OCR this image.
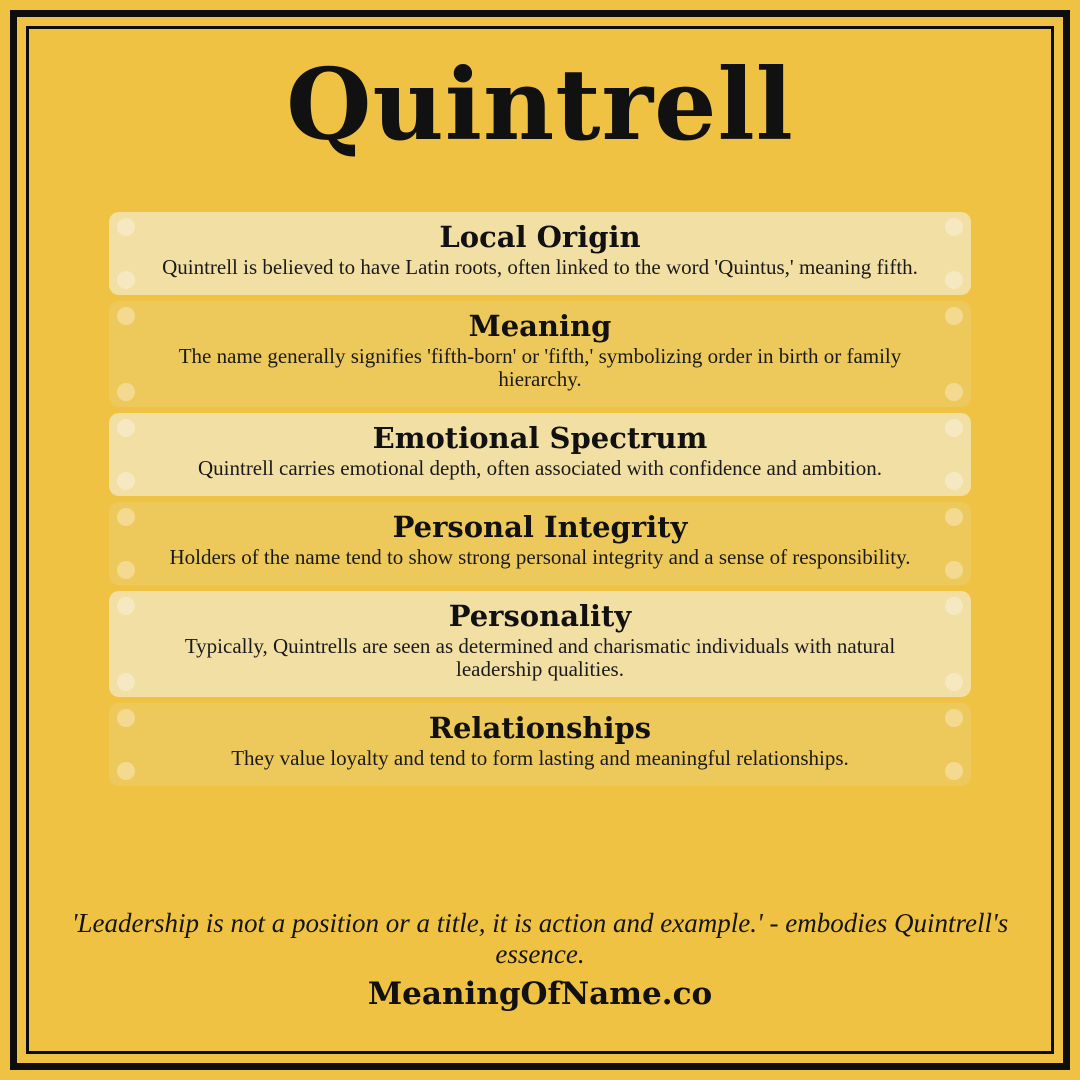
Quintrell
Local Origin
Quintrell is believed to have Latin roots, often linked to the word 'Quintus,' meaning fifth.
Meaning
The name generally signifies 'fifth-born' or 'fifth,' symbolizing order in birth or family hierarchy.
Emotional Spectrum
Quintrell carries emotional depth, often associated with confidence and ambition.
Personal Integrity
Holders of the name tend to show strong personal integrity and a sense of responsibility.
Personality
Typically, Quintrells are seen as determined and charismatic individuals with natural leadership qualities.
Relationships
They value loyalty and tend to form lasting and meaningful relationships.

'Leadership is not a position or a title, it is action and example.' - embodies Quintrell's essence.

MeaningOfName.co
